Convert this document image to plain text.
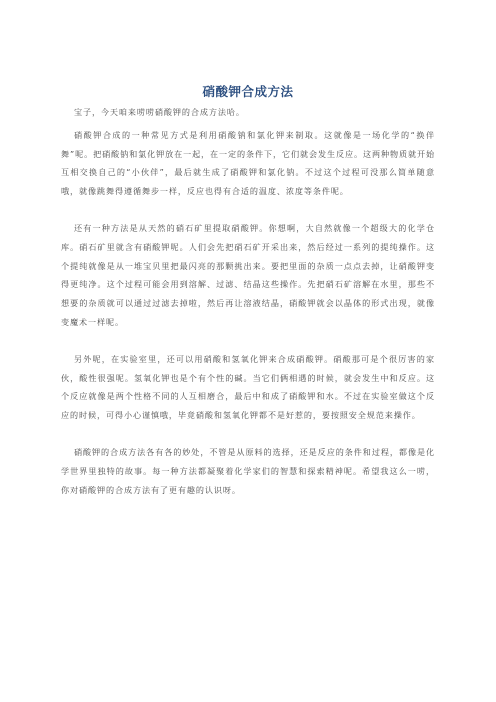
硝酸钾合成方法

宝子，今天咱来唠唠硝酸钾的合成方法哈。

硝酸钾合成的一种常见方式是利用硝酸钠和氯化钾来制取。这就像是一场化学的“换伴舞”呢。把硝酸钠和氯化钾放在一起，在一定的条件下，它们就会发生反应。这两种物质就开始互相交换自己的“小伙伴”，最后就生成了硝酸钾和氯化钠。不过这个过程可没那么简单随意哦，就像跳舞得遵循舞步一样，反应也得有合适的温度、浓度等条件呢。

还有一种方法是从天然的硝石矿里提取硝酸钾。你想啊，大自然就像一个超级大的化学仓库。硝石矿里就含有硝酸钾呢。人们会先把硝石矿开采出来，然后经过一系列的提纯操作。这个提纯就像是从一堆宝贝里把最闪亮的那颗挑出来。要把里面的杂质一点点去掉，让硝酸钾变得更纯净。这个过程可能会用到溶解、过滤、结晶这些操作。先把硝石矿溶解在水里，那些不想要的杂质就可以通过过滤去掉啦，然后再让溶液结晶，硝酸钾就会以晶体的形式出现，就像变魔术一样呢。

另外呢，在实验室里，还可以用硝酸和氢氧化钾来合成硝酸钾。硝酸那可是个很厉害的家伙，酸性很强呢。氢氧化钾也是个有个性的碱。当它们俩相遇的时候，就会发生中和反应。这个反应就像是两个性格不同的人互相磨合，最后中和成了硝酸钾和水。不过在实验室做这个反应的时候，可得小心谨慎哦，毕竟硝酸和氢氧化钾都不是好惹的，要按照安全规范来操作。

硝酸钾的合成方法各有各的妙处，不管是从原料的选择，还是反应的条件和过程，都像是化学世界里独特的故事。每一种方法都凝聚着化学家们的智慧和探索精神呢。希望我这么一唠，你对硝酸钾的合成方法有了更有趣的认识呀。
